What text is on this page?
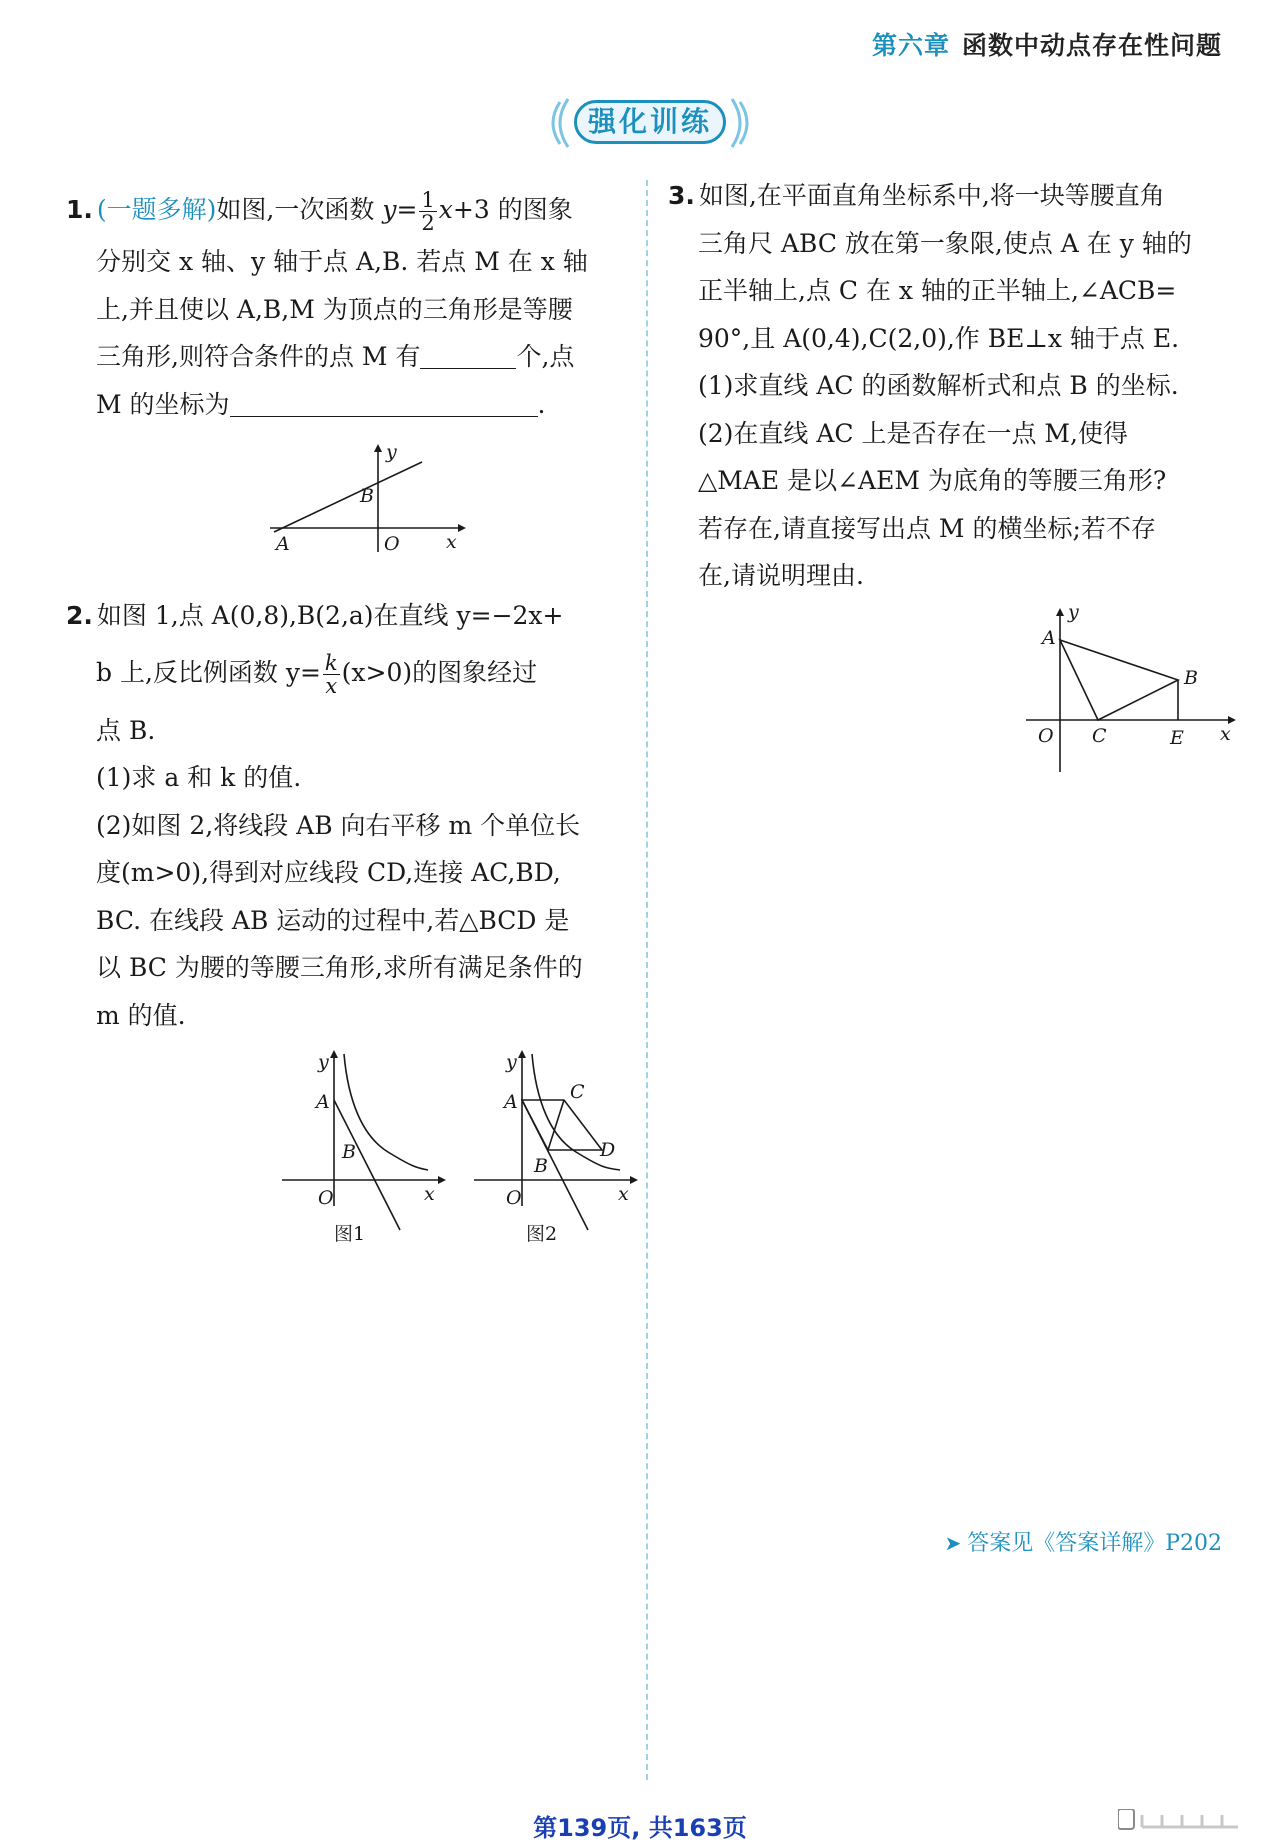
第六章 函数中动点存在性问题
强化训练

1. (一题多解)如图,一次函数 $y= \frac{1}{2} x+3$ 的图象

分别交 x 轴、y 轴于点 A,B. 若点 M 在 x 轴

上,并且使以 A,B,M 为顶点的三角形是等腰

三角形,则符合条件的点 M 有	个,点

M 的坐标为	.

A
B
O x
y

2. 如图 1,点 A(0,8),B(2,a)在直线 y=−2x+

b 上,反比例函数 $y= \frac{k}{x} (x>0)$的图象经过

点 B.

(1)求 a 和 k 的值.

(2)如图 2,将线段 AB 向右平移 m 个单位长

度(m>0),得到对应线段 CD,连接 AC,BD,

BC. 在线段 AB 运动的过程中,若△BCD 是

以 BC 为腰的等腰三角形,求所有满足条件的

m 的值.

y
A
B
O	x
图1
y
A	C
B
D
O	x
图2

3. 如图,在平面直角坐标系中,将一块等腰直角

三角尺 ABC 放在第一象限,使点 A 在 y 轴的

正半轴上,点 C 在 x 轴的正半轴上,∠ACB=

90°,且 A(0,4),C(2,0),作 BE⊥x 轴于点 E.

(1)求直线 AC 的函数解析式和点 B 的坐标.

(2)在直线 AC 上是否存在一点 M,使得

△MAE 是以∠AEM 为底角的等腰三角形?

若存在,请直接写出点 M 的横坐标;若不存

在,请说明理由.

y
A
B
O C	E x
➤ 答案见《答案详解》P202
第139页, 共163页
